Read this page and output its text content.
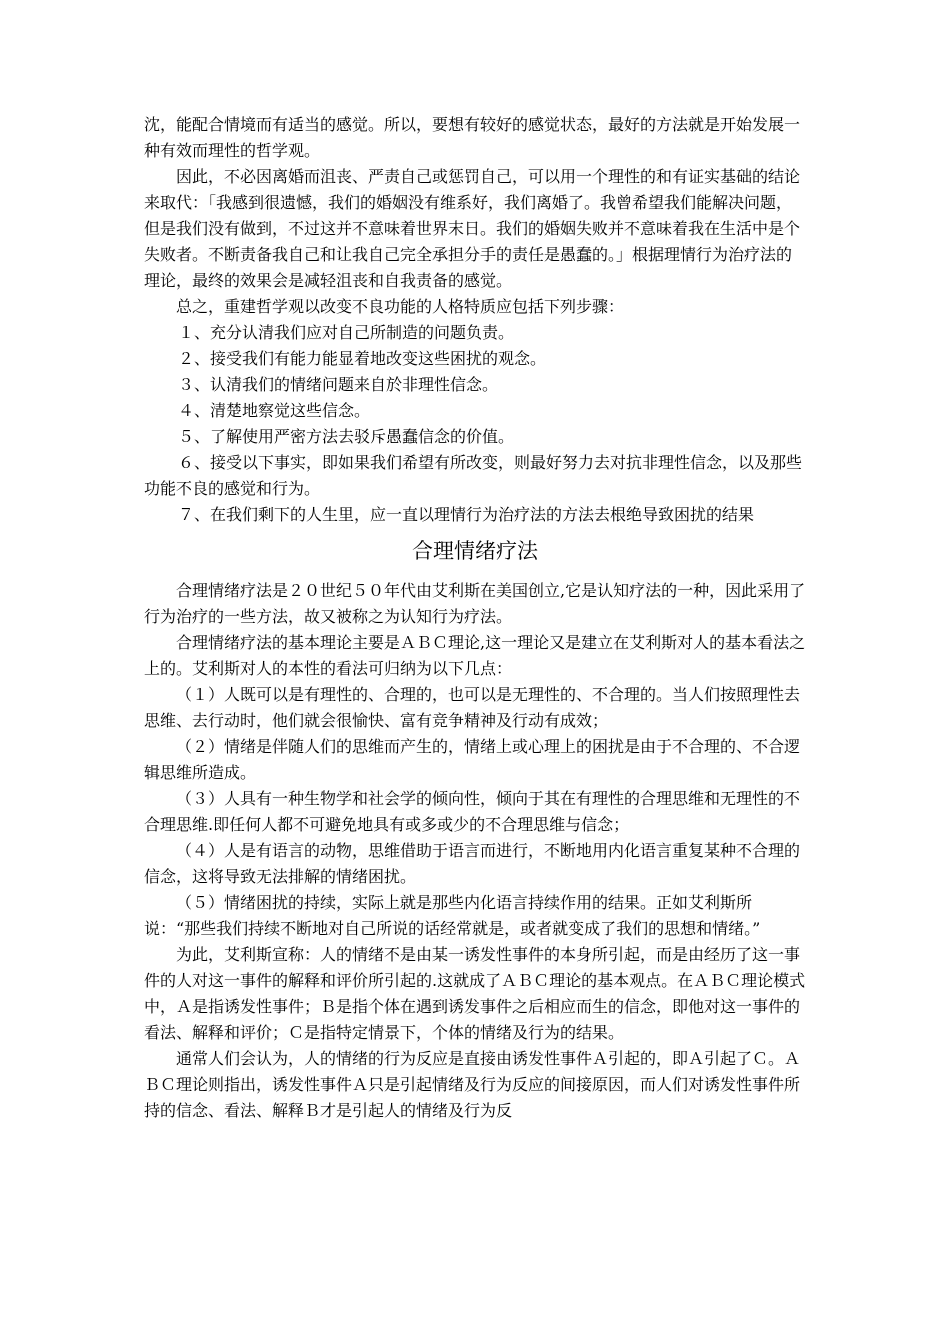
沈，能配合情境而有适当的感觉。所以，要想有较好的感觉状态，最好的方法就是开始发展一种有效而理性的哲学观。

因此，不必因离婚而沮丧、严责自己或惩罚自己，可以用一个理性的和有证实基础的结论来取代：「我感到很遗憾，我们的婚姻没有维系好，我们离婚了。我曾希望我们能解决问题，但是我们没有做到，不过这并不意味着世界末日。我们的婚姻失败并不意味着我在生活中是个失败者。不断责备我自己和让我自己完全承担分手的责任是愚蠢的。」根据理情行为治疗法的理论，最终的效果会是减轻沮丧和自我责备的感觉。

总之，重建哲学观以改变不良功能的人格特质应包括下列步骤：

１、充分认清我们应对自己所制造的问题负责。

２、接受我们有能力能显着地改变这些困扰的观念。

３、认清我们的情绪问题来自於非理性信念。

４、清楚地察觉这些信念。

５、了解使用严密方法去驳斥愚蠢信念的价值。

６、接受以下事实，即如果我们希望有所改变，则最好努力去对抗非理性信念，以及那些功能不良的感觉和行为。

７、在我们剩下的人生里，应一直以理情行为治疗法的方法去根绝导致困扰的结果

合理情绪疗法

合理情绪疗法是２０世纪５０年代由艾利斯在美国创立,它是认知疗法的一种，因此采用了行为治疗的一些方法，故又被称之为认知行为疗法。

合理情绪疗法的基本理论主要是ＡＢＣ理论,这一理论又是建立在艾利斯对人的基本看法之上的。艾利斯对人的本性的看法可归纳为以下几点：

（１）人既可以是有理性的、合理的，也可以是无理性的、不合理的。当人们按照理性去思维、去行动时，他们就会很愉快、富有竞争精神及行动有成效；

（２）情绪是伴随人们的思维而产生的，情绪上或心理上的困扰是由于不合理的、不合逻辑思维所造成。

（３）人具有一种生物学和社会学的倾向性，倾向于其在有理性的合理思维和无理性的不合理思维.即任何人都不可避免地具有或多或少的不合理思维与信念；

（４）人是有语言的动物，思维借助于语言而进行，不断地用内化语言重复某种不合理的信念，这将导致无法排解的情绪困扰。

（５）情绪困扰的持续，实际上就是那些内化语言持续作用的结果。正如艾利斯所说：“那些我们持续不断地对自己所说的话经常就是，或者就变成了我们的思想和情绪。”

为此，艾利斯宣称：人的情绪不是由某一诱发性事件的本身所引起，而是由经历了这一事件的人对这一事件的解释和评价所引起的.这就成了ＡＢＣ理论的基本观点。在ＡＢＣ理论模式中，Ａ是指诱发性事件；Ｂ是指个体在遇到诱发事件之后相应而生的信念，即他对这一事件的看法、解释和评价；Ｃ是指特定情景下，个体的情绪及行为的结果。

通常人们会认为，人的情绪的行为反应是直接由诱发性事件Ａ引起的，即Ａ引起了Ｃ。ＡＢＣ理论则指出，诱发性事件Ａ只是引起情绪及行为反应的间接原因，而人们对诱发性事件所持的信念、看法、解释Ｂ才是引起人的情绪及行为反
